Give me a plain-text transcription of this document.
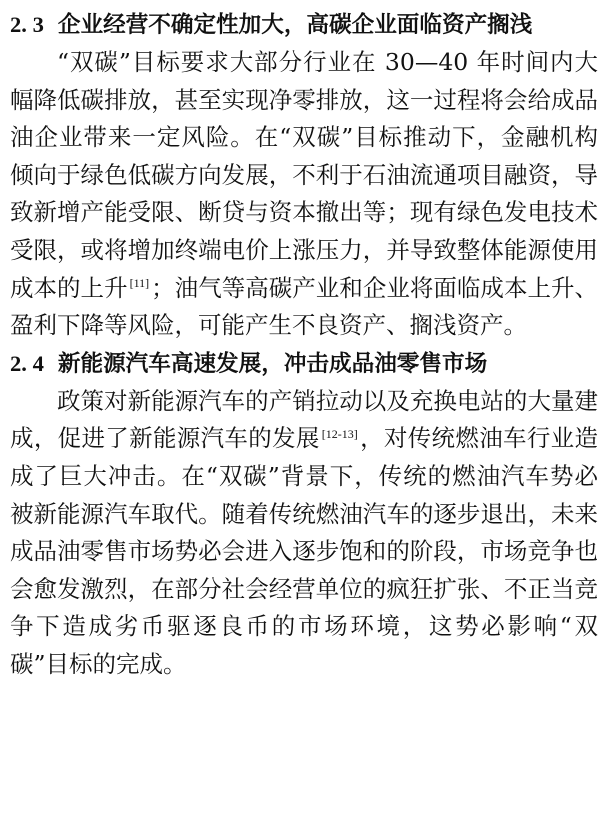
2. 3 企业经营不确定性加大，高碳企业面临资产搁浅

“双碳”目标要求大部分行业在 30—40 年时间内大幅降低碳排放，甚至实现净零排放，这一过程将会给成品油企业带来一定风险。在“双碳”目标推动下，金融机构倾向于绿色低碳方向发展，不利于石油流通项目融资，导致新增产能受限、断贷与资本撤出等；现有绿色发电技术受限，或将增加终端电价上涨压力，并导致整体能源使用成本的上升 [11]；油气等高碳产业和企业将面临成本上升、盈利下降等风险，可能产生不良资产、搁浅资产。

2. 4 新能源汽车高速发展，冲击成品油零售市场

政策对新能源汽车的产销拉动以及充换电站的大量建成，促进了新能源汽车的发展 [12-13]，对传统燃油车行业造成了巨大冲击。在“双碳”背景下，传统的燃油汽车势必被新能源汽车取代。随着传统燃油汽车的逐步退出，未来成品油零售市场势必会进入逐步饱和的阶段，市场竞争也会愈发激烈，在部分社会经营单位的疯狂扩张、不正当竞争下造成劣币驱逐良币的市场环境，这势必影响“双碳”目标的完成。
